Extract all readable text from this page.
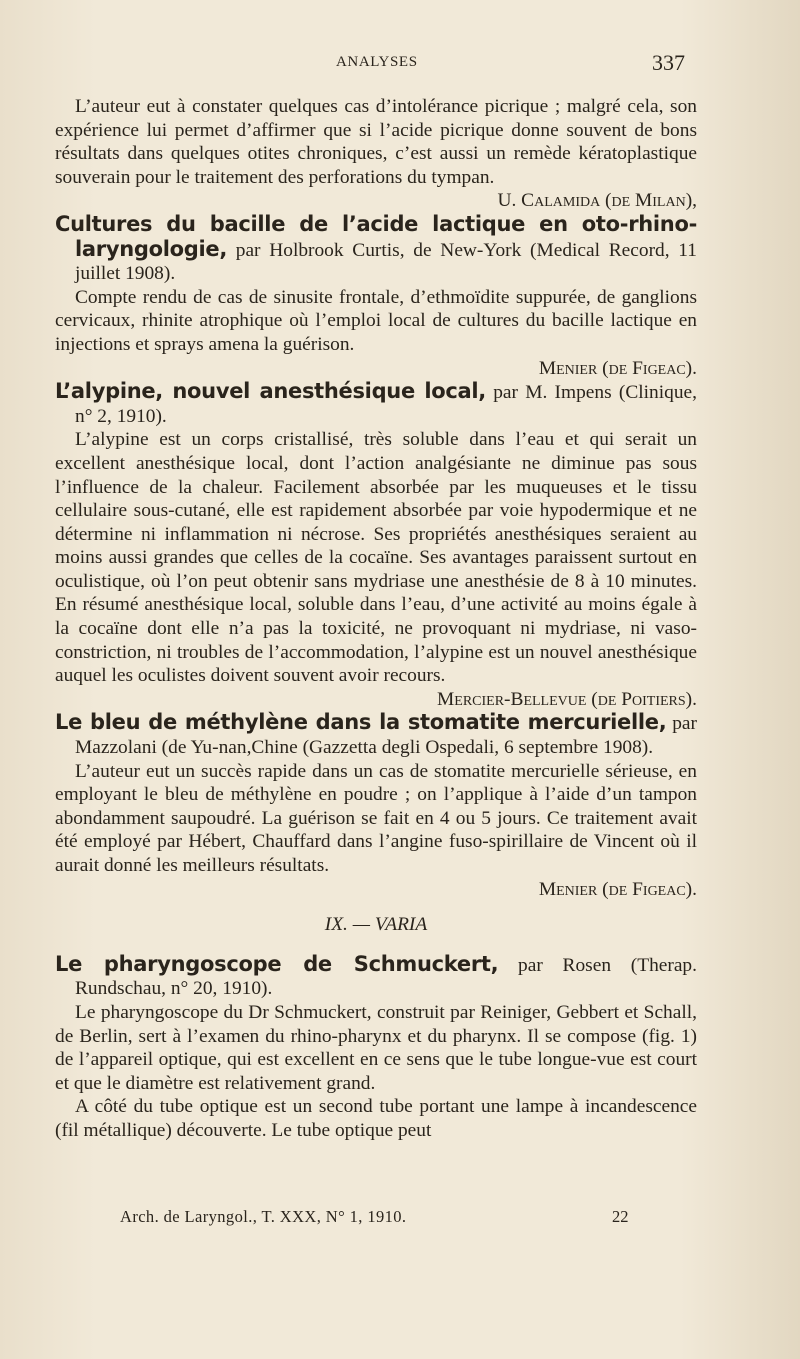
ANALYSES	337

L’auteur eut à constater quelques cas d’intolérance picrique ; malgré cela, son expérience lui permet d’affirmer que si l’acide picrique donne souvent de bons résultats dans quelques otites chroniques, c’est aussi un remède kératoplastique souverain pour le traitement des perforations du tympan.

U. Calamida (de Milan),

Cultures du bacille de l’acide lactique en oto-rhino-laryngologie, par Holbrook Curtis, de New-York (Medical Record, 11 juillet 1908).

Compte rendu de cas de sinusite frontale, d’ethmoïdite suppurée, de ganglions cervicaux, rhinite atrophique où l’emploi local de cultures du bacille lactique en injections et sprays amena la guérison.

Menier (de Figeac).

L’alypine, nouvel anesthésique local, par M. Impens (Clinique, n° 2, 1910).

L’alypine est un corps cristallisé, très soluble dans l’eau et qui serait un excellent anesthésique local, dont l’action analgésiante ne diminue pas sous l’influence de la chaleur. Facilement absorbée par les muqueuses et le tissu cellulaire sous-cutané, elle est rapidement absorbée par voie hypodermique et ne détermine ni inflammation ni nécrose. Ses propriétés anesthésiques seraient au moins aussi grandes que celles de la cocaïne. Ses avantages paraissent surtout en oculistique, où l’on peut obtenir sans mydriase une anesthésie de 8 à 10 minutes. En résumé anesthésique local, soluble dans l’eau, d’une activité au moins égale à la cocaïne dont elle n’a pas la toxicité, ne provoquant ni mydriase, ni vaso-constriction, ni troubles de l’accommodation, l’alypine est un nouvel anesthésique auquel les oculistes doivent souvent avoir recours.

Mercier-Bellevue (de Poitiers).

Le bleu de méthylène dans la stomatite mercurielle, par Mazzolani (de Yu-nan,Chine (Gazzetta degli Ospedali, 6 septembre 1908).

L’auteur eut un succès rapide dans un cas de stomatite mercurielle sérieuse, en employant le bleu de méthylène en poudre ; on l’applique à l’aide d’un tampon abondamment saupoudré. La guérison se fait en 4 ou 5 jours. Ce traitement avait été employé par Hébert, Chauffard dans l’angine fuso-spirillaire de Vincent où il aurait donné les meilleurs résultats.

Menier (de Figeac).

IX. — VARIA

Le pharyngoscope de Schmuckert, par Rosen (Therap. Rundschau, n° 20, 1910).

Le pharyngoscope du Dr Schmuckert, construit par Reiniger, Gebbert et Schall, de Berlin, sert à l’examen du rhino-pharynx et du pharynx. Il se compose (fig. 1) de l’appareil optique, qui est excellent en ce sens que le tube longue-vue est court et que le diamètre est relativement grand.

A côté du tube optique est un second tube portant une lampe à incandescence (fil métallique) découverte. Le tube optique peut

Arch. de Laryngol., T. XXX, N° 1, 1910.	22
